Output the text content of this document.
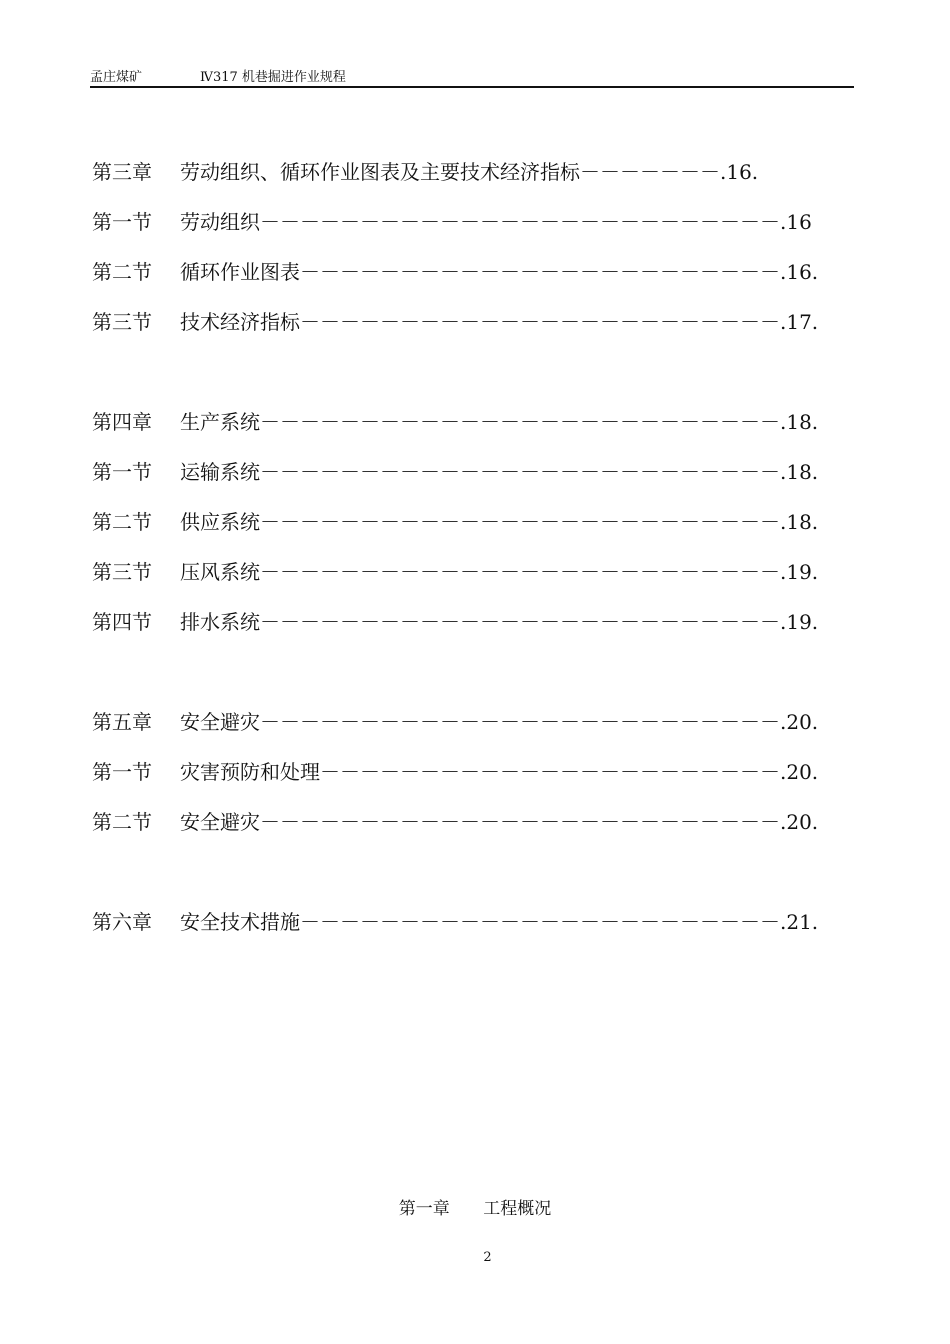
孟庄煤矿	Ⅳ317 机巷掘进作业规程
第三章 劳动组织、循环作业图表及主要技术经济指标－－－－－－－.16.
第一节 劳动组织－－－－－－－－－－－－－－－－－－－－－－－－－－.16
第二节 循环作业图表－－－－－－－－－－－－－－－－－－－－－－－－.16.
第三节 技术经济指标－－－－－－－－－－－－－－－－－－－－－－－－.17.
第四章 生产系统－－－－－－－－－－－－－－－－－－－－－－－－－－.18.
第一节 运输系统－－－－－－－－－－－－－－－－－－－－－－－－－－.18.
第二节 供应系统－－－－－－－－－－－－－－－－－－－－－－－－－－.18.
第三节 压风系统－－－－－－－－－－－－－－－－－－－－－－－－－－.19.
第四节 排水系统－－－－－－－－－－－－－－－－－－－－－－－－－－.19.
第五章 安全避灾－－－－－－－－－－－－－－－－－－－－－－－－－－.20.
第一节 灾害预防和处理－－－－－－－－－－－－－－－－－－－－－－－.20.
第二节 安全避灾－－－－－－－－－－－－－－－－－－－－－－－－－－.20.
第六章 安全技术措施－－－－－－－－－－－－－－－－－－－－－－－－.21.
第一章 工程概况
2
